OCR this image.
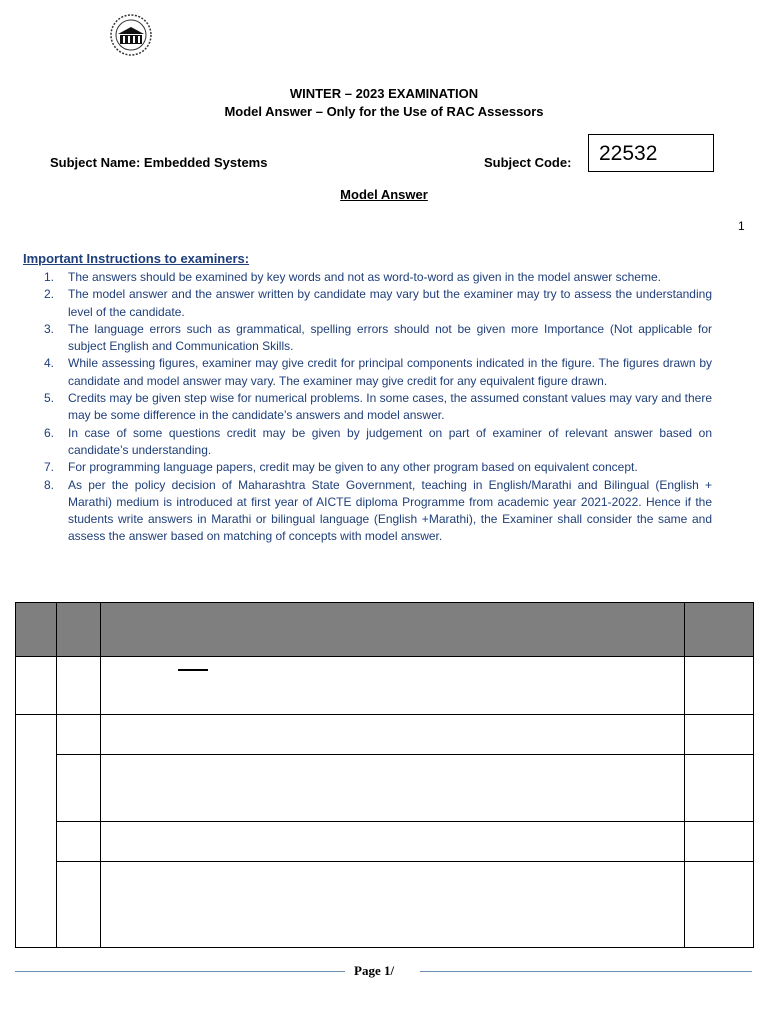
WINTER – 2023 EXAMINATION
Model Answer – Only for the Use of RAC Assessors
Subject Name: Embedded Systems	Subject Code:	22532
Model Answer
1
Important Instructions to examiners:
1. The answers should be examined by key words and not as word-to-word as given in the model answer scheme.
2. The model answer and the answer written by candidate may vary but the examiner may try to assess the understanding level of the candidate.
3. The language errors such as grammatical, spelling errors should not be given more Importance (Not applicable for subject English and Communication Skills.
4. While assessing figures, examiner may give credit for principal components indicated in the figure. The figures drawn by candidate and model answer may vary. The examiner may give credit for any equivalent figure drawn.
5. Credits may be given step wise for numerical problems. In some cases, the assumed constant values may vary and there may be some difference in the candidate’s answers and model answer.
6. In case of some questions credit may be given by judgement on part of examiner of relevant answer based on candidate’s understanding.
7. For programming language papers, credit may be given to any other program based on equivalent concept.
8. As per the policy decision of Maharashtra State Government, teaching in English/Marathi and Bilingual (English + Marathi) medium is introduced at first year of AICTE diploma Programme from academic year 2021-2022. Hence if the students write answers in Marathi or bilingual language (English +Marathi), the Examiner shall consider the same and assess the answer based on matching of concepts with model answer.

Page 1/
